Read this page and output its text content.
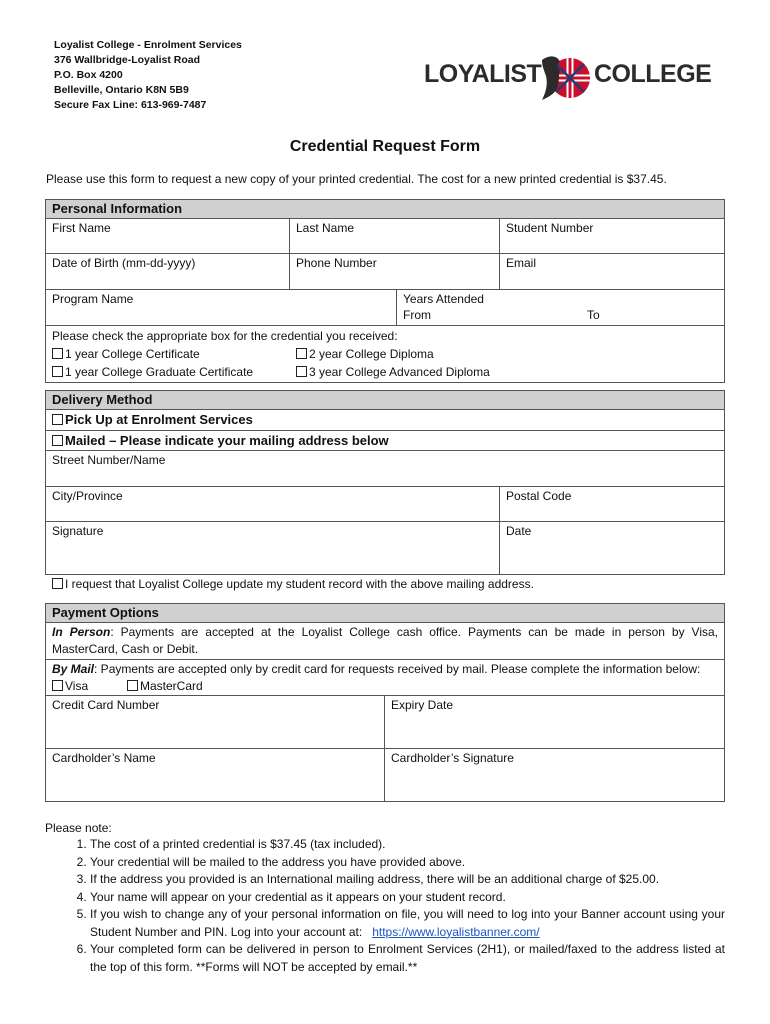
Loyalist College - Enrolment Services
376 Wallbridge-Loyalist Road
P.O. Box 4200
Belleville, Ontario K8N 5B9
Secure Fax Line: 613-969-7487
LOYALIST COLLEGE
Credential Request Form
Please use this form to request a new copy of your printed credential. The cost for a new printed credential is $37.45.
Personal Information
First Name	Last Name	Student Number
Date of Birth (mm-dd-yyyy)	Phone Number	Email
Program Name	Years Attended
From	To
Please check the appropriate box for the credential you received:
1 year College Certificate	2 year College Diploma
1 year College Graduate Certificate	3 year College Advanced Diploma
Delivery Method
Pick Up at Enrolment Services
Mailed – Please indicate your mailing address below
Street Number/Name
City/Province	Postal Code
Signature	Date
I request that Loyalist College update my student record with the above mailing address.
Payment Options
In Person: Payments are accepted at the Loyalist College cash office. Payments can be made in person by Visa, MasterCard, Cash or Debit.
By Mail: Payments are accepted only by credit card for requests received by mail. Please complete the information below:
Visa	MasterCard
Credit Card Number	Expiry Date
Cardholder’s Name	Cardholder’s Signature
Please note:
1. The cost of a printed credential is $37.45 (tax included).
2. Your credential will be mailed to the address you have provided above.
3. If the address you provided is an International mailing address, there will be an additional charge of $25.00.
4. Your name will appear on your credential as it appears on your student record.
5. If you wish to change any of your personal information on file, you will need to log into your Banner account using your Student Number and PIN. Log into your account at: https://www.loyalistbanner.com/
6. Your completed form can be delivered in person to Enrolment Services (2H1), or mailed/faxed to the address listed at the top of this form. **Forms will NOT be accepted by email.**
